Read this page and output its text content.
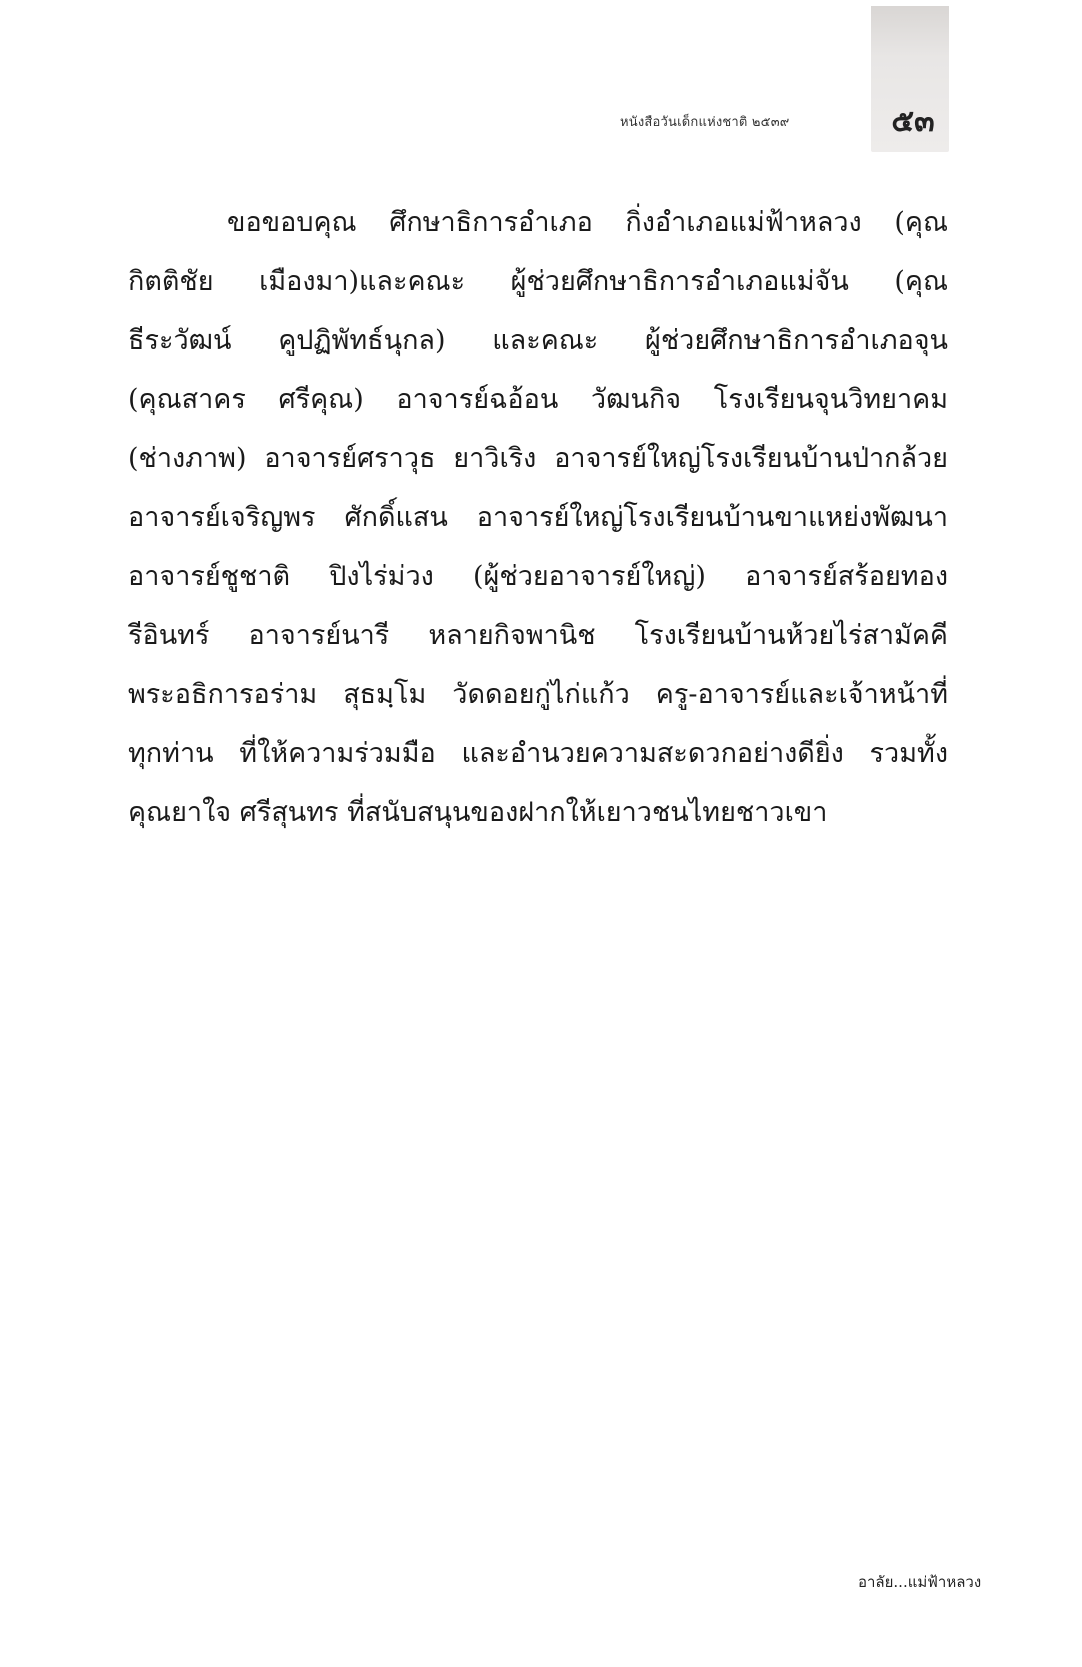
หนังสือวันเด็กแห่งชาติ ๒๕๓๙	๕๓
ขอขอบคุณ ศึกษาธิการอำเภอ กิ่งอำเภอแม่ฟ้าหลวง (คุณ
กิตติชัย เมืองมา)และคณะ ผู้ช่วยศึกษาธิการอำเภอแม่จัน (คุณ
ธีระวัฒน์ คูปฏิพัทธ์นุกล) และคณะ ผู้ช่วยศึกษาธิการอำเภอจุน
(คุณสาคร ศรีคุณ) อาจารย์ฉอ้อน วัฒนกิจ โรงเรียนจุนวิทยาคม
(ช่างภาพ) อาจารย์ศราวุธ ยาวิเริง อาจารย์ใหญ่โรงเรียนบ้านป่ากล้วย
อาจารย์เจริญพร ศักดิ์แสน อาจารย์ใหญ่โรงเรียนบ้านขาแหย่งพัฒนา
อาจารย์ชูชาติ ปิงไร่ม่วง (ผู้ช่วยอาจารย์ใหญ่) อาจารย์สร้อยทอง
รีอินทร์ อาจารย์นารี หลายกิจพานิช โรงเรียนบ้านห้วยไร่สามัคคี
พระอธิการอร่าม สุธมฺโม วัดดอยกู่ไก่แก้ว ครู-อาจารย์และเจ้าหน้าที่
ทุกท่าน ที่ให้ความร่วมมือ และอำนวยความสะดวกอย่างดียิ่ง รวมทั้ง
คุณยาใจ ศรีสุนทร ที่สนับสนุนของฝากให้เยาวชนไทยชาวเขา
อาลัย...แม่ฟ้าหลวง
